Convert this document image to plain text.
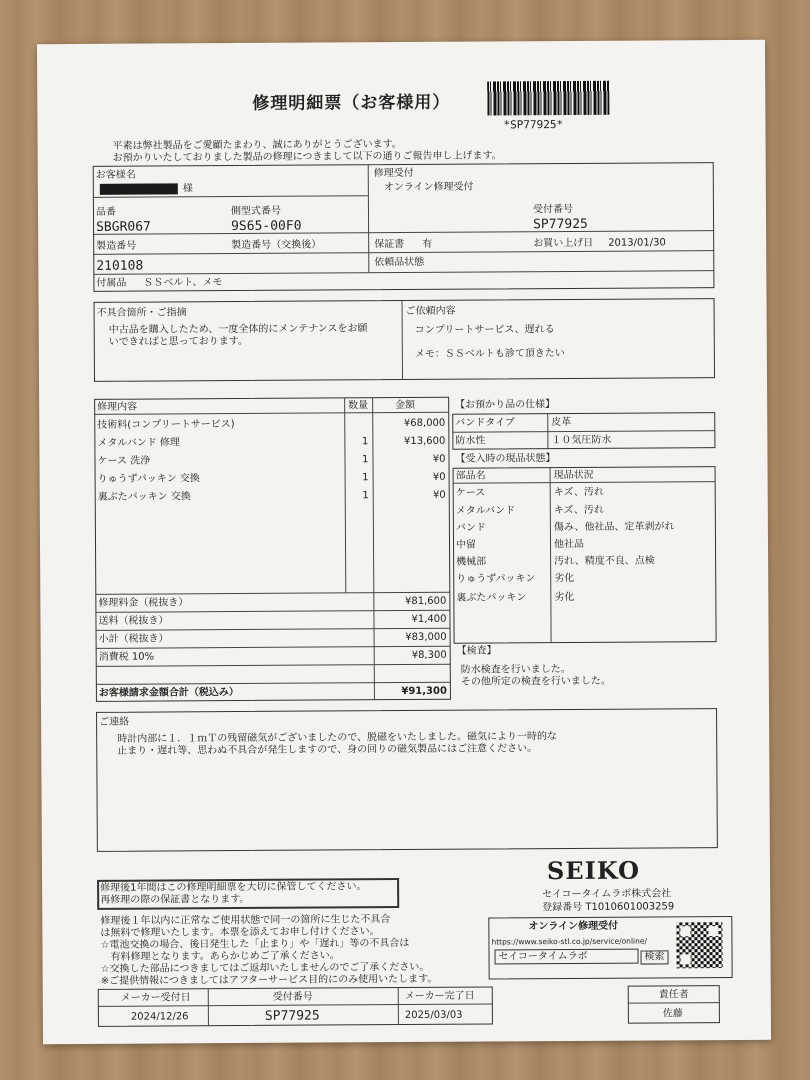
修理明細票（お客様用）
*SP77925*
平素は弊社製品をご愛顧たまわり、誠にありがとうございます。
お預かりいたしておりました製品の修理につきまして以下の通りご報告申し上げます。
お客様名
様
品番
SBGR067
側型式番号
9S65-00F0
製造番号
210108
製造番号（交換後）
付属品 ＳＳベルト、メモ
修理受付
オンライン修理受付
受付番号
SP77925
保証書 有	お買い上げ日 2013/01/30
依頼品状態
不具合箇所・ご指摘
中古品を購入したため、一度全体的にメンテナンスをお願
いできればと思っております。
ご依頼内容
コンプリートサービス、遅れる
メモ：ＳＳベルトも診て頂きたい
修理内容	数量	金額
技術料(コンプリートサービス)	¥68,000
メタルバンド 修理	1	¥13,600
ケース 洗浄	1	¥0
りゅうずパッキン 交換	1	¥0
裏ぶたパッキン 交換	1	¥0
修理料金（税抜き）	¥81,600
送料（税抜き）	¥1,400
小計（税抜き）	¥83,000
消費税 10%	¥8,300
お客様請求金額合計（税込み）	¥91,300
【お預かり品の仕様】
バンドタイプ	皮革
防水性	１０気圧防水
【受入時の現品状態】
部品名	現品状況
ケース	キズ、汚れ
メタルバンド	キズ、汚れ
バンド	傷み、他社品、定革剥がれ
中留	他社品
機械部	汚れ、精度不良、点検
りゅうずパッキン 劣化
裏ぶたパッキン	劣化
【検査】
防水検査を行いました。
その他所定の検査を行いました。
ご連絡
時計内部に１．１ｍＴの残留磁気がございましたので、脱磁をいたしました。磁気により一時的な
止まり・遅れ等、思わぬ不具合が発生しますので、身の回りの磁気製品にはご注意ください。
SEIKO
セイコータイムラボ株式会社
登録番号 T1010601003259
修理後1年間はこの修理明細票を大切に保管してください。
再修理の際の保証書となります。
修理後１年以内に正常なご使用状態で同一の箇所に生じた不具合
は無料で修理いたします。本票を添えてお申し付けください。
☆電池交換の場合、後日発生した「止まり」や「遅れ」等の不具合は
　有料修理となります。あらかじめご了承ください。
☆交換した部品につきましてはご返却いたしませんのでご了承ください。
※ご提供情報につきましてはアフターサービス目的にのみ使用いたします。
オンライン修理受付
https://www.seiko-stl.co.jp/service/online/
セイコータイムラボ	検索
メーカー受付日	受付番号	メーカー完了日
2024/12/26	SP77925	2025/03/03
責任者
佐藤
